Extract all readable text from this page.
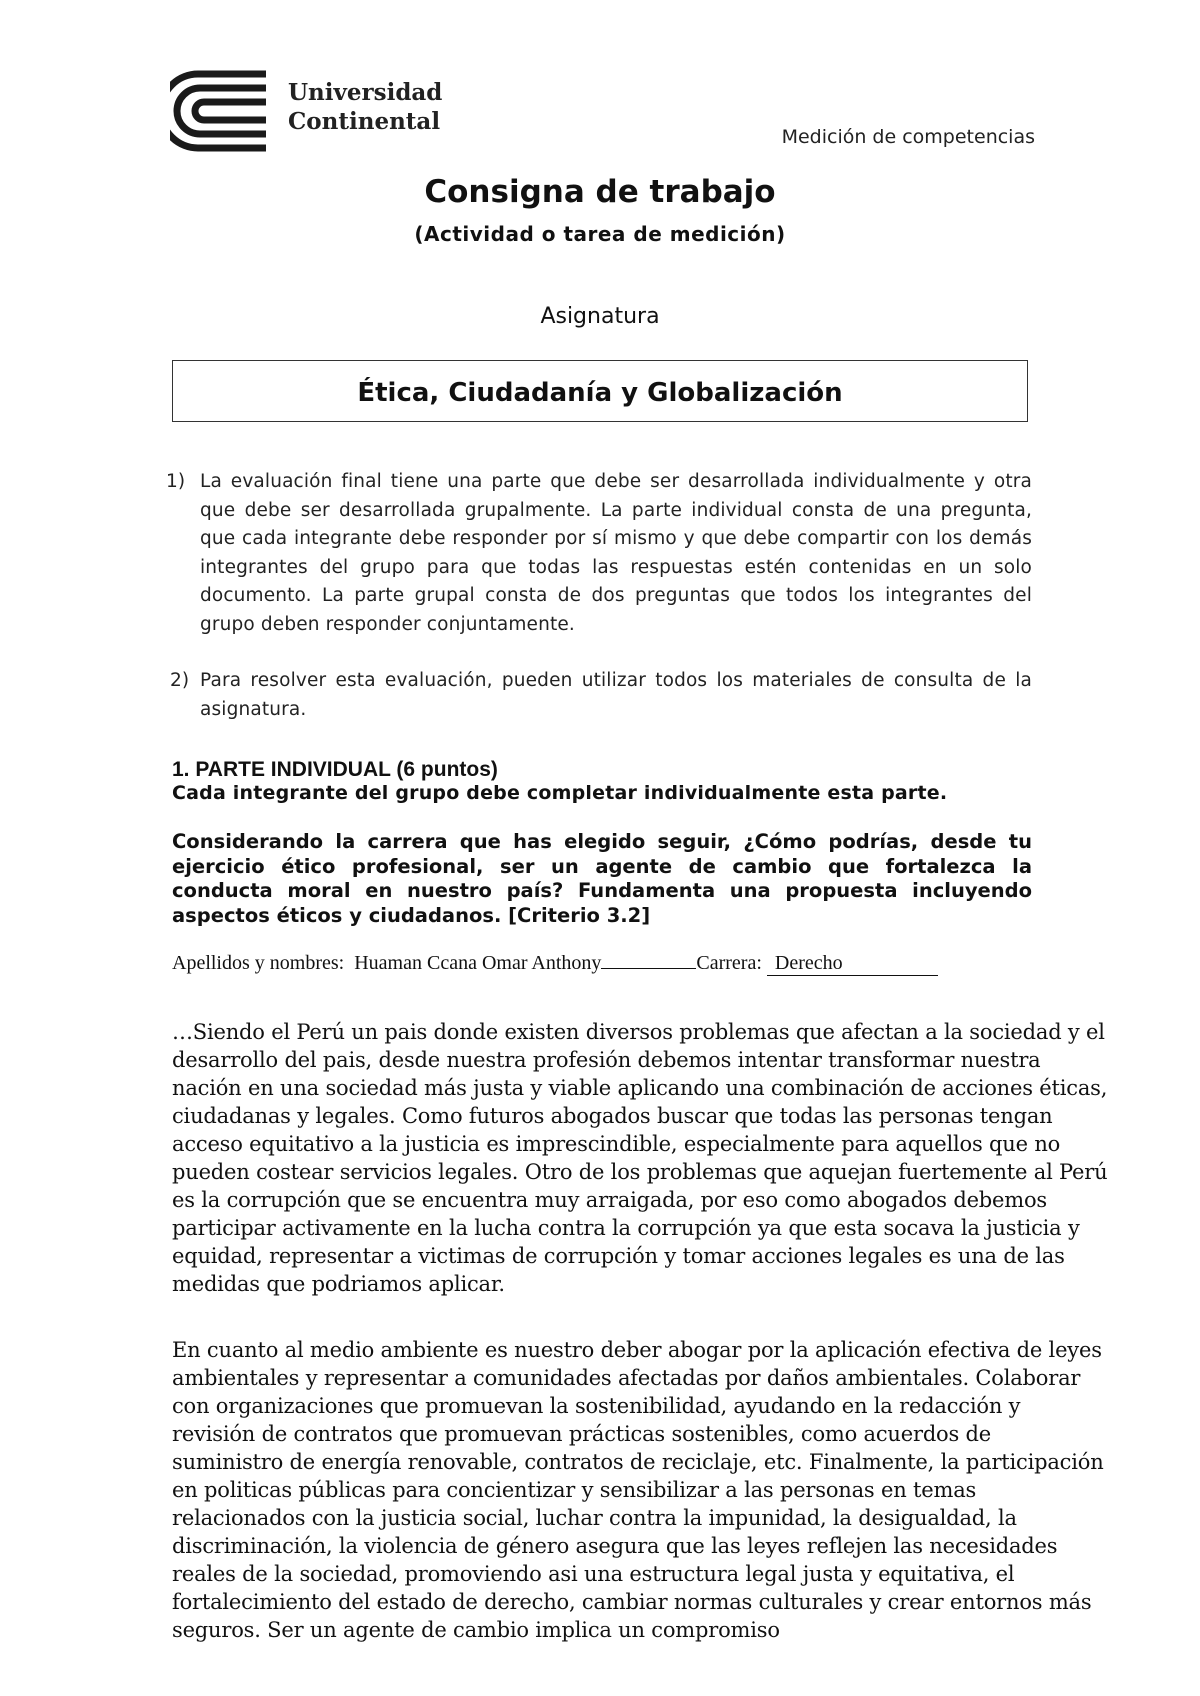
Universidad
Continental
Medición de competencias
Consigna de trabajo
(Actividad o tarea de medición)
Asignatura
Ética, Ciudadanía y Globalización
1) La evaluación final tiene una parte que debe ser desarrollada individualmente y otra que debe ser desarrollada grupalmente. La parte individual consta de una pregunta, que cada integrante debe responder por sí mismo y que debe compartir con los demás integrantes del grupo para que todas las respuestas estén contenidas en un solo documento. La parte grupal consta de dos preguntas que todos los integrantes del grupo deben responder conjuntamente.
2) Para resolver esta evaluación, pueden utilizar todos los materiales de consulta de la asignatura.
1. PARTE INDIVIDUAL (6 puntos)
Cada integrante del grupo debe completar individualmente esta parte.
Considerando la carrera que has elegido seguir, ¿Cómo podrías, desde tu ejercicio ético profesional, ser un agente de cambio que fortalezca la conducta moral en nuestro país? Fundamenta una propuesta incluyendo aspectos éticos y ciudadanos. [Criterio 3.2]
Apellidos y nombres: Huaman Ccana Omar Anthony	Carrera: Derecho
…Siendo el Perú un pais donde existen diversos problemas que afectan a la sociedad y el desarrollo del pais, desde nuestra profesión debemos intentar transformar nuestra nación en una sociedad más justa y viable aplicando una combinación de acciones éticas, ciudadanas y legales. Como futuros abogados buscar que todas las personas tengan acceso equitativo a la justicia es imprescindible, especialmente para aquellos que no pueden costear servicios legales. Otro de los problemas que aquejan fuertemente al Perú es la corrupción que se encuentra muy arraigada, por eso como abogados debemos participar activamente en la lucha contra la corrupción ya que esta socava la justicia y equidad, representar a victimas de corrupción y tomar acciones legales es una de las medidas que podriamos aplicar.
En cuanto al medio ambiente es nuestro deber abogar por la aplicación efectiva de leyes ambientales y representar a comunidades afectadas por daños ambientales. Colaborar con organizaciones que promuevan la sostenibilidad, ayudando en la redacción y revisión de contratos que promuevan prácticas sostenibles, como acuerdos de suministro de energía renovable, contratos de reciclaje, etc. Finalmente, la participación en politicas públicas para concientizar y sensibilizar a las personas en temas relacionados con la justicia social, luchar contra la impunidad, la desigualdad, la discriminación, la violencia de género asegura que las leyes reflejen las necesidades reales de la sociedad, promoviendo asi una estructura legal justa y equitativa, el fortalecimiento del estado de derecho, cambiar normas culturales y crear entornos más seguros. Ser un agente de cambio implica un compromiso
